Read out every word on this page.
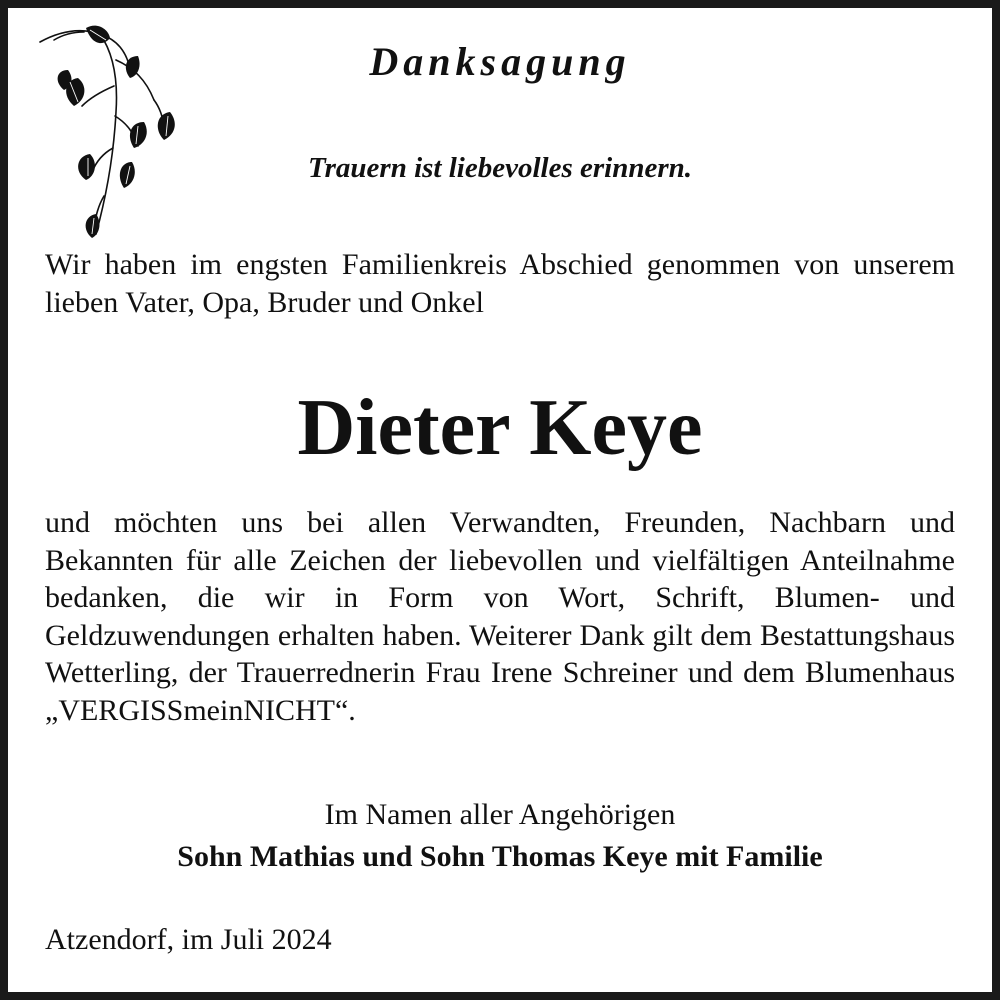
Danksagung
Trauern ist liebevolles erinnern.
Wir haben im engsten Familienkreis Abschied genommen von unserem lieben Vater, Opa, Bruder und Onkel
Dieter Keye
und möchten uns bei allen Verwandten, Freunden, Nachbarn und Bekannten für alle Zeichen der liebevollen und vielfältigen Anteilnahme bedanken, die wir in Form von Wort, Schrift, Blumen- und Geldzuwendungen erhalten haben. Weiterer Dank gilt dem Bestattungshaus Wetterling, der Trauerrednerin Frau Irene Schreiner und dem Blumenhaus „VERGISSmeinNICHT“.
Im Namen aller Angehörigen
Sohn Mathias und Sohn Thomas Keye mit Familie
Atzendorf, im Juli 2024
